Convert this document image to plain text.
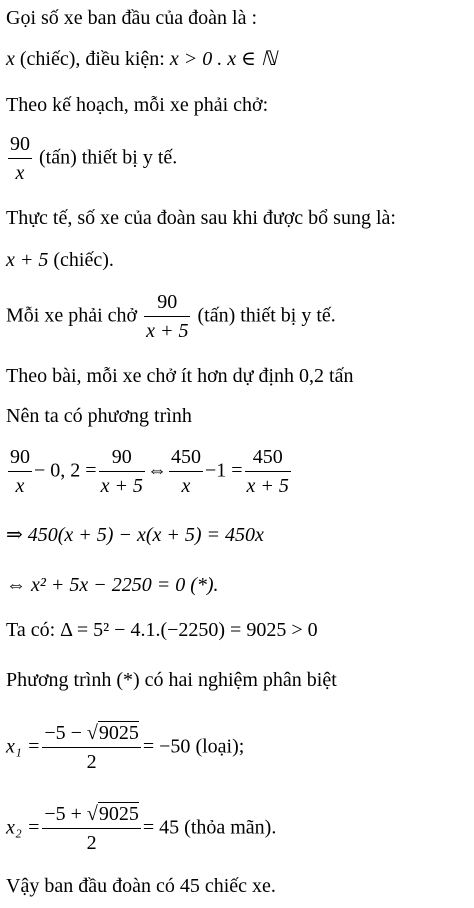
Gọi số xe ban đầu của đoàn là :
x (chiếc), điều kiện: x > 0 . x ∈ ℕ
Theo kế hoạch, mỗi xe phải chở:
$\frac{90}{x}$ (tấn) thiết bị y tế.
Thực tế, số xe của đoàn sau khi được bổ sung là:
x + 5 (chiếc).
Mỗi xe phải chở $\frac{90}{x + 5}$ (tấn) thiết bị y tế.
Theo bài, mỗi xe chở ít hơn dự định 0,2 tấn
Nên ta có phương trình
$\frac{90}{x} - 0$, $2 = \frac{90}{x + 5}$ ⇔ $\frac{450}{x} -1 = \frac{450}{x + 5}$
⇒ 450(x + 5) − x(x + 5) = 450x
⇔ x² + 5x − 2250 = 0 (*).
Ta có: Δ = 5² − 4.1.(−2250) = 9025 > 0
Phương trình (*) có hai nghiệm phân biệt
$x_1 = \frac{-5 - √9025}{2} = -50$ (loại);
$x_2 = \frac{-5 + √9025}{2} = 45$ (thỏa mãn).
Vậy ban đầu đoàn có 45 chiếc xe.
